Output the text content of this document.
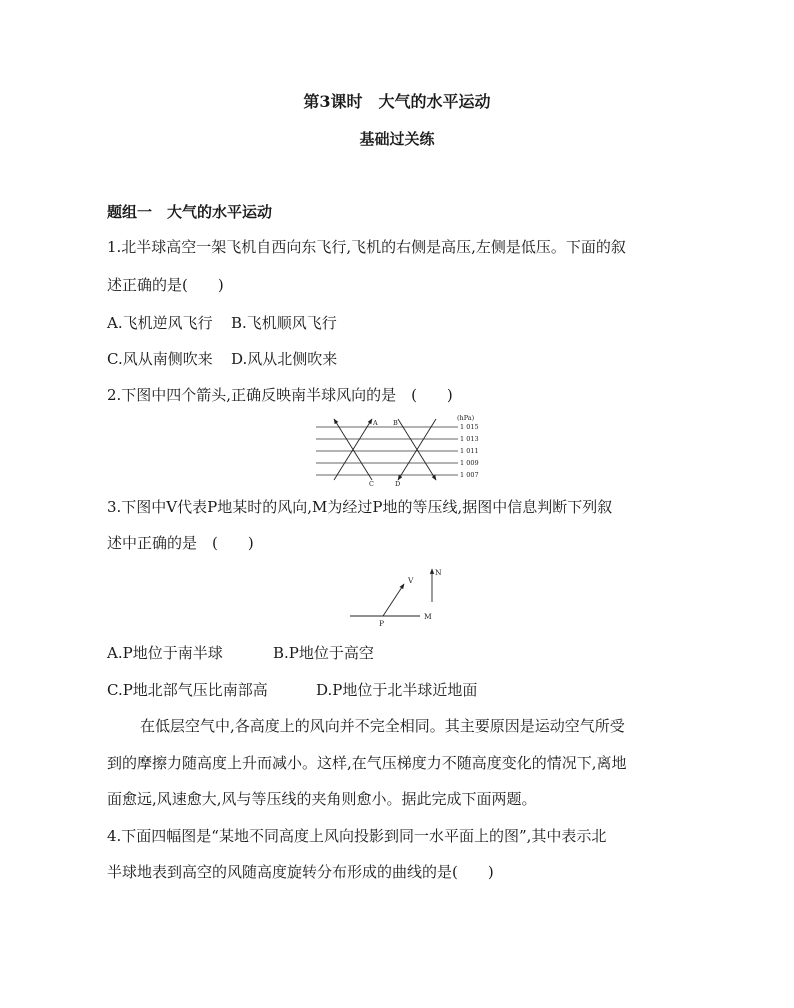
第3课时　大气的水平运动
基础过关练
题组一　大气的水平运动
1.北半球高空一架飞机自西向东飞行,飞机的右侧是高压,左侧是低压。下面的叙
述正确的是(　　)
A.飞机逆风飞行 B.飞机顺风飞行
C.风从南侧吹来 D.风从北侧吹来
2.下图中四个箭头,正确反映南半球风向的是　(　　)
(hPa)
1 015
1 013
1 011
1 009
1 007
A B
C	D
3.下图中V代表P地某时的风向,M为经过P地的等压线,据图中信息判断下列叙
述中正确的是　(　　)
V
N
M
P
A.P地位于南半球	B.P地位于高空
C.P地北部气压比南部高	D.P地位于北半球近地面
在低层空气中,各高度上的风向并不完全相同。其主要原因是运动空气所受
到的摩擦力随高度上升而减小。这样,在气压梯度力不随高度变化的情况下,离地
面愈远,风速愈大,风与等压线的夹角则愈小。据此完成下面两题。
4.下面四幅图是“某地不同高度上风向投影到同一水平面上的图”,其中表示北
半球地表到高空的风随高度旋转分布形成的曲线的是(　　)
